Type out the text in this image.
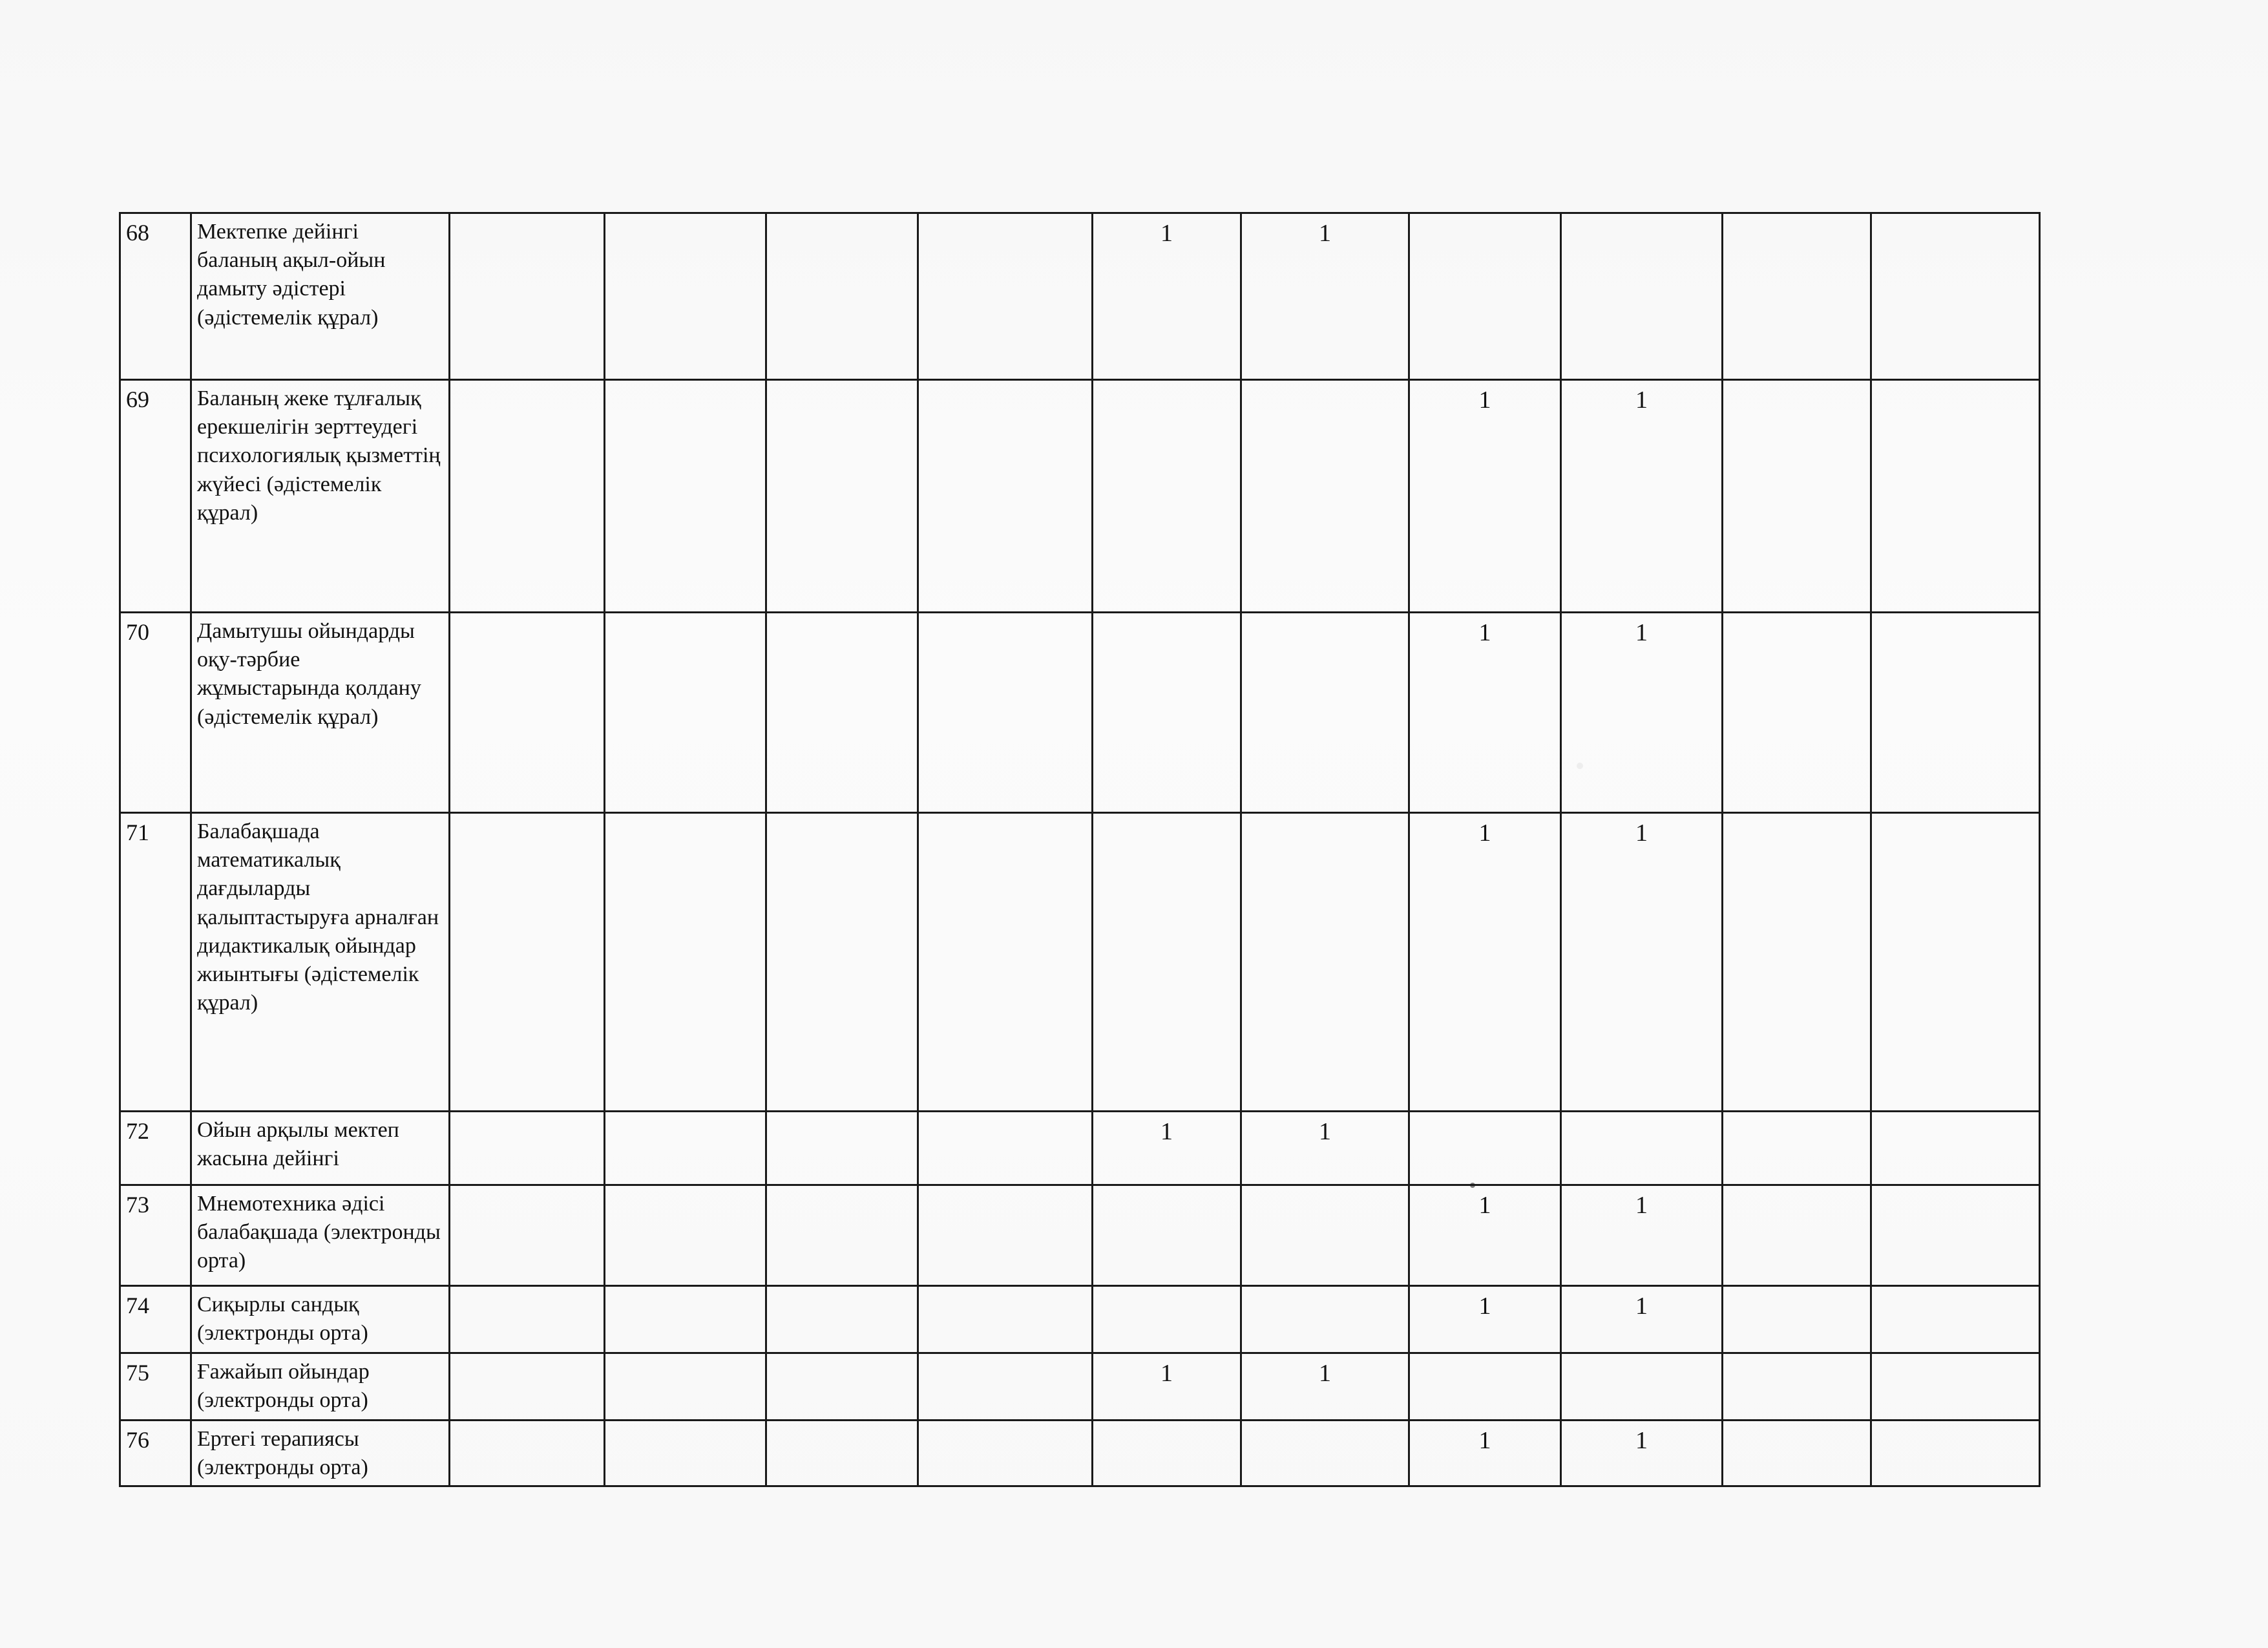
68	Мектепке дейінгі баланың ақыл-ойын дамыту әдістері (әдістемелік құрал)					1	1				
69	Баланың жеке тұлғалық ерекшелігін зерттеудегі психологиялық қызметтің жүйесі (әдістемелік құрал)							1	1		
70	Дамытушы ойындарды оқу-тәрбие жұмыстарында қолдану (әдістемелік құрал)							1	1		
71	Балабақшада математикалық дағдыларды қалыптастыруға арналған дидактикалық ойындар жиынтығы (әдістемелік құрал)							1	1		
72	Ойын арқылы мектеп жасына дейінгі					1	1				
73	Мнемотехника әдісі балабақшада (электронды орта)							1	1		
74	Сиқырлы сандық (электронды орта)							1	1		
75	Ғажайып ойындар (электронды орта)					1	1				
76	Ертегі терапиясы (электронды орта)							1	1		
